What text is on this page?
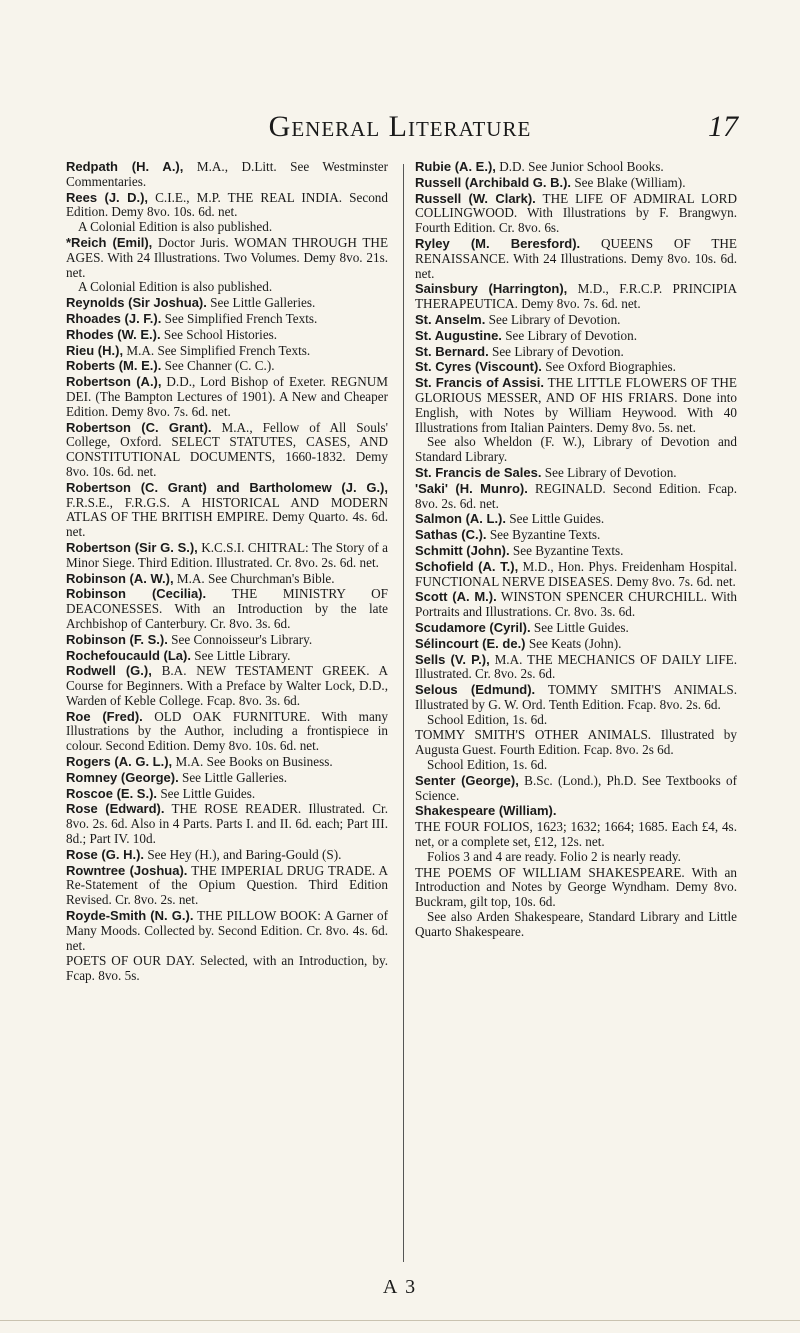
General Literature	17
Redpath (H. A.), M.A., D.Litt. See Westminster Commentaries.
Rees (J. D.), C.I.E., M.P. THE REAL INDIA. Second Edition. Demy 8vo. 10s. 6d. net.
A Colonial Edition is also published.
*Reich (Emil), Doctor Juris. WOMAN THROUGH THE AGES. With 24 Illustrations. Two Volumes. Demy 8vo. 21s. net.
A Colonial Edition is also published.
Reynolds (Sir Joshua). See Little Galleries.
Rhoades (J. F.). See Simplified French Texts.
Rhodes (W. E.). See School Histories.
Rieu (H.), M.A. See Simplified French Texts.
Roberts (M. E.). See Channer (C. C.).
Robertson (A.), D.D., Lord Bishop of Exeter. REGNUM DEI. (The Bampton Lectures of 1901). A New and Cheaper Edition. Demy 8vo. 7s. 6d. net.
Robertson (C. Grant). M.A., Fellow of All Souls' College, Oxford. SELECT STATUTES, CASES, AND CONSTITUTIONAL DOCUMENTS, 1660-1832. Demy 8vo. 10s. 6d. net.
Robertson (C. Grant) and Bartholomew (J. G.), F.R.S.E., F.R.G.S. A HISTORICAL AND MODERN ATLAS OF THE BRITISH EMPIRE. Demy Quarto. 4s. 6d. net.
Robertson (Sir G. S.), K.C.S.I. CHITRAL: The Story of a Minor Siege. Third Edition. Illustrated. Cr. 8vo. 2s. 6d. net.
Robinson (A. W.), M.A. See Churchman's Bible.
Robinson (Cecilia). THE MINISTRY OF DEACONESSES. With an Introduction by the late Archbishop of Canterbury. Cr. 8vo. 3s. 6d.
Robinson (F. S.). See Connoisseur's Library.
Rochefoucauld (La). See Little Library.
Rodwell (G.), B.A. NEW TESTAMENT GREEK. A Course for Beginners. With a Preface by Walter Lock, D.D., Warden of Keble College. Fcap. 8vo. 3s. 6d.
Roe (Fred). OLD OAK FURNITURE. With many Illustrations by the Author, including a frontispiece in colour. Second Edition. Demy 8vo. 10s. 6d. net.
Rogers (A. G. L.), M.A. See Books on Business.
Romney (George). See Little Galleries.
Roscoe (E. S.). See Little Guides.
Rose (Edward). THE ROSE READER. Illustrated. Cr. 8vo. 2s. 6d. Also in 4 Parts. Parts I. and II. 6d. each; Part III. 8d.; Part IV. 10d.
Rose (G. H.). See Hey (H.), and Baring-Gould (S).
Rowntree (Joshua). THE IMPERIAL DRUG TRADE. A Re-Statement of the Opium Question. Third Edition Revised. Cr. 8vo. 2s. net.
Royde-Smith (N. G.). THE PILLOW BOOK: A Garner of Many Moods. Collected by. Second Edition. Cr. 8vo. 4s. 6d. net.
POETS OF OUR DAY. Selected, with an Introduction, by. Fcap. 8vo. 5s.
Rubie (A. E.), D.D. See Junior School Books.
Russell (Archibald G. B.). See Blake (William).
Russell (W. Clark). THE LIFE OF ADMIRAL LORD COLLINGWOOD. With Illustrations by F. Brangwyn. Fourth Edition. Cr. 8vo. 6s.
Ryley (M. Beresford). QUEENS OF THE RENAISSANCE. With 24 Illustrations. Demy 8vo. 10s. 6d. net.
Sainsbury (Harrington), M.D., F.R.C.P. PRINCIPIA THERAPEUTICA. Demy 8vo. 7s. 6d. net.
St. Anselm. See Library of Devotion.
St. Augustine. See Library of Devotion.
St. Bernard. See Library of Devotion.
St. Cyres (Viscount). See Oxford Biographies.
St. Francis of Assisi. THE LITTLE FLOWERS OF THE GLORIOUS MESSER, AND OF HIS FRIARS. Done into English, with Notes by William Heywood. With 40 Illustrations from Italian Painters. Demy 8vo. 5s. net.
See also Wheldon (F. W.), Library of Devotion and Standard Library.
St. Francis de Sales. See Library of Devotion.
'Saki' (H. Munro). REGINALD. Second Edition. Fcap. 8vo. 2s. 6d. net.
Salmon (A. L.). See Little Guides.
Sathas (C.). See Byzantine Texts.
Schmitt (John). See Byzantine Texts.
Schofield (A. T.), M.D., Hon. Phys. Freidenham Hospital. FUNCTIONAL NERVE DISEASES. Demy 8vo. 7s. 6d. net.
Scott (A. M.). WINSTON SPENCER CHURCHILL. With Portraits and Illustrations. Cr. 8vo. 3s. 6d.
Scudamore (Cyril). See Little Guides.
Sélincourt (E. de.) See Keats (John).
Sells (V. P.), M.A. THE MECHANICS OF DAILY LIFE. Illustrated. Cr. 8vo. 2s. 6d.
Selous (Edmund). TOMMY SMITH'S ANIMALS. Illustrated by G. W. Ord. Tenth Edition. Fcap. 8vo. 2s. 6d.
School Edition, 1s. 6d.
TOMMY SMITH'S OTHER ANIMALS. Illustrated by Augusta Guest. Fourth Edition. Fcap. 8vo. 2s 6d.
School Edition, 1s. 6d.
Senter (George), B.Sc. (Lond.), Ph.D. See Textbooks of Science.
Shakespeare (William).
THE FOUR FOLIOS, 1623; 1632; 1664; 1685. Each £4, 4s. net, or a complete set, £12, 12s. net.
Folios 3 and 4 are ready. Folio 2 is nearly ready.
THE POEMS OF WILLIAM SHAKESPEARE. With an Introduction and Notes by George Wyndham. Demy 8vo. Buckram, gilt top, 10s. 6d.
See also Arden Shakespeare, Standard Library and Little Quarto Shakespeare.
A 3
